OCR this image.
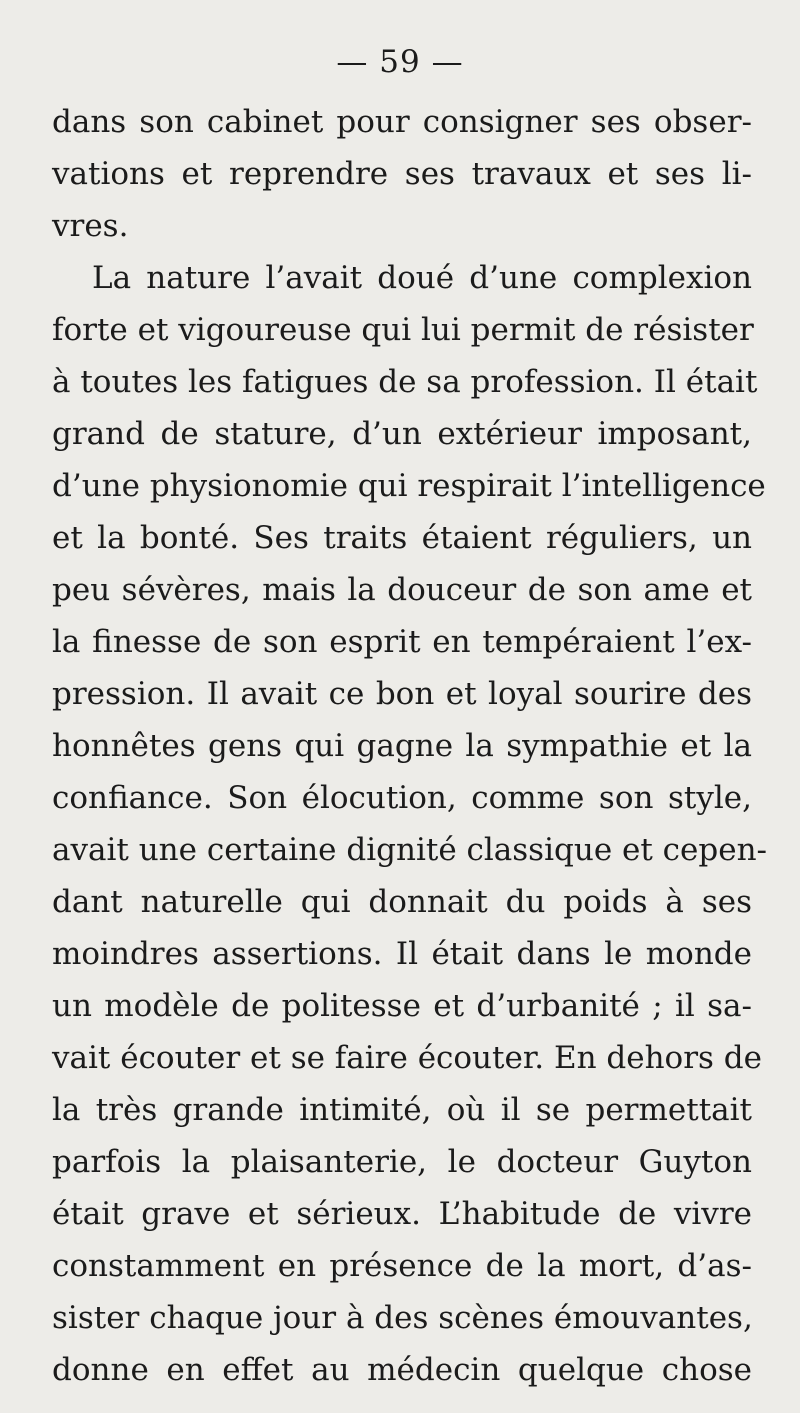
— 59 —
dans son cabinet pour consigner ses obser-
vations et reprendre ses travaux et ses li-
vres.
La nature l’avait doué d’une complexion
forte et vigoureuse qui lui permit de résister
à toutes les fatigues de sa profession. Il était
grand de stature, d’un extérieur imposant,
d’une physionomie qui respirait l’intelligence
et la bonté. Ses traits étaient réguliers, un
peu sévères, mais la douceur de son ame et
la finesse de son esprit en tempéraient l’ex-
pression. Il avait ce bon et loyal sourire des
honnêtes gens qui gagne la sympathie et la
confiance. Son élocution, comme son style,
avait une certaine dignité classique et cepen-
dant naturelle qui donnait du poids à ses
moindres assertions. Il était dans le monde
un modèle de politesse et d’urbanité ; il sa-
vait écouter et se faire écouter. En dehors de
la très grande intimité, où il se permettait
parfois la plaisanterie, le docteur Guyton
était grave et sérieux. L’habitude de vivre
constamment en présence de la mort, d’as-
sister chaque jour à des scènes émouvantes,
donne en effet au médecin quelque chose
